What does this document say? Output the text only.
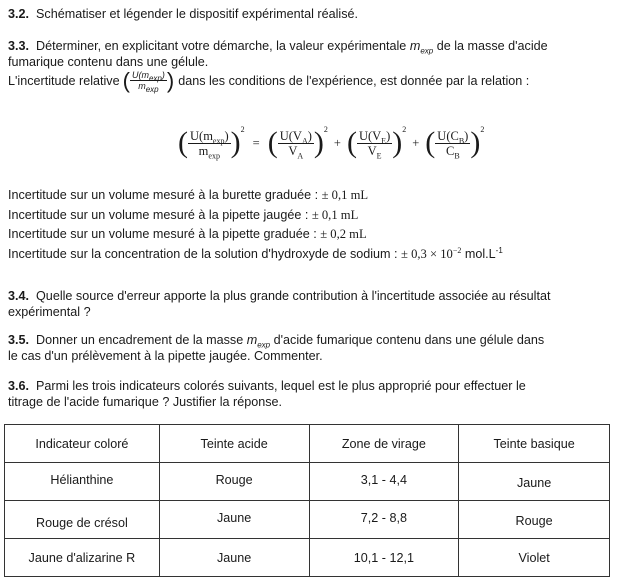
3.2. Schématiser et légender le dispositif expérimental réalisé.
3.3. Déterminer, en explicitant votre démarche, la valeur expérimentale $m_{exp}$ de la masse d'acide
fumarique contenu dans une gélule.
L'incertitude relative ( $\frac{U(m_{exp})}{m_{exp}}$ ) dans les conditions de l'expérience, est donnée par la relation :
( $\frac{U(m_{exp})}{m_{exp}}$ ) 2
= ( $\frac{U(V_A)}{V_A}$ ) 2
+ ( $\frac{U(V_E)}{V_E}$ ) 2
+ ( $\frac{U(C_B)}{C_B}$ ) 2
Incertitude sur un volume mesuré à la burette graduée : ± 0,1 mL
Incertitude sur un volume mesuré à la pipette jaugée : ± 0,1 mL
Incertitude sur un volume mesuré à la pipette graduée : ± 0,2 mL
Incertitude sur la concentration de la solution d'hydroxyde de sodium : ± $0,3 \times 10^{-2}$ $mol.L^{-1}$
3.4. Quelle source d'erreur apporte la plus grande contribution à l'incertitude associée au résultat
expérimental ?
3.5. Donner un encadrement de la masse $m_{exp}$ d'acide fumarique contenu dans une gélule dans
le cas d'un prélèvement à la pipette jaugée. Commenter.
3.6. Parmi les trois indicateurs colorés suivants, lequel est le plus approprié pour effectuer le
titrage de l'acide fumarique ? Justifier la réponse.
Indicateur coloré	Teinte acide	Zone de virage	Teinte basique
Hélianthine	Rouge	3,1 - 4,4	Jaune
Rouge de crésol	Jaune	7,2 - 8,8	Rouge
Jaune d'alizarine R	Jaune	10,1 - 12,1	Violet
